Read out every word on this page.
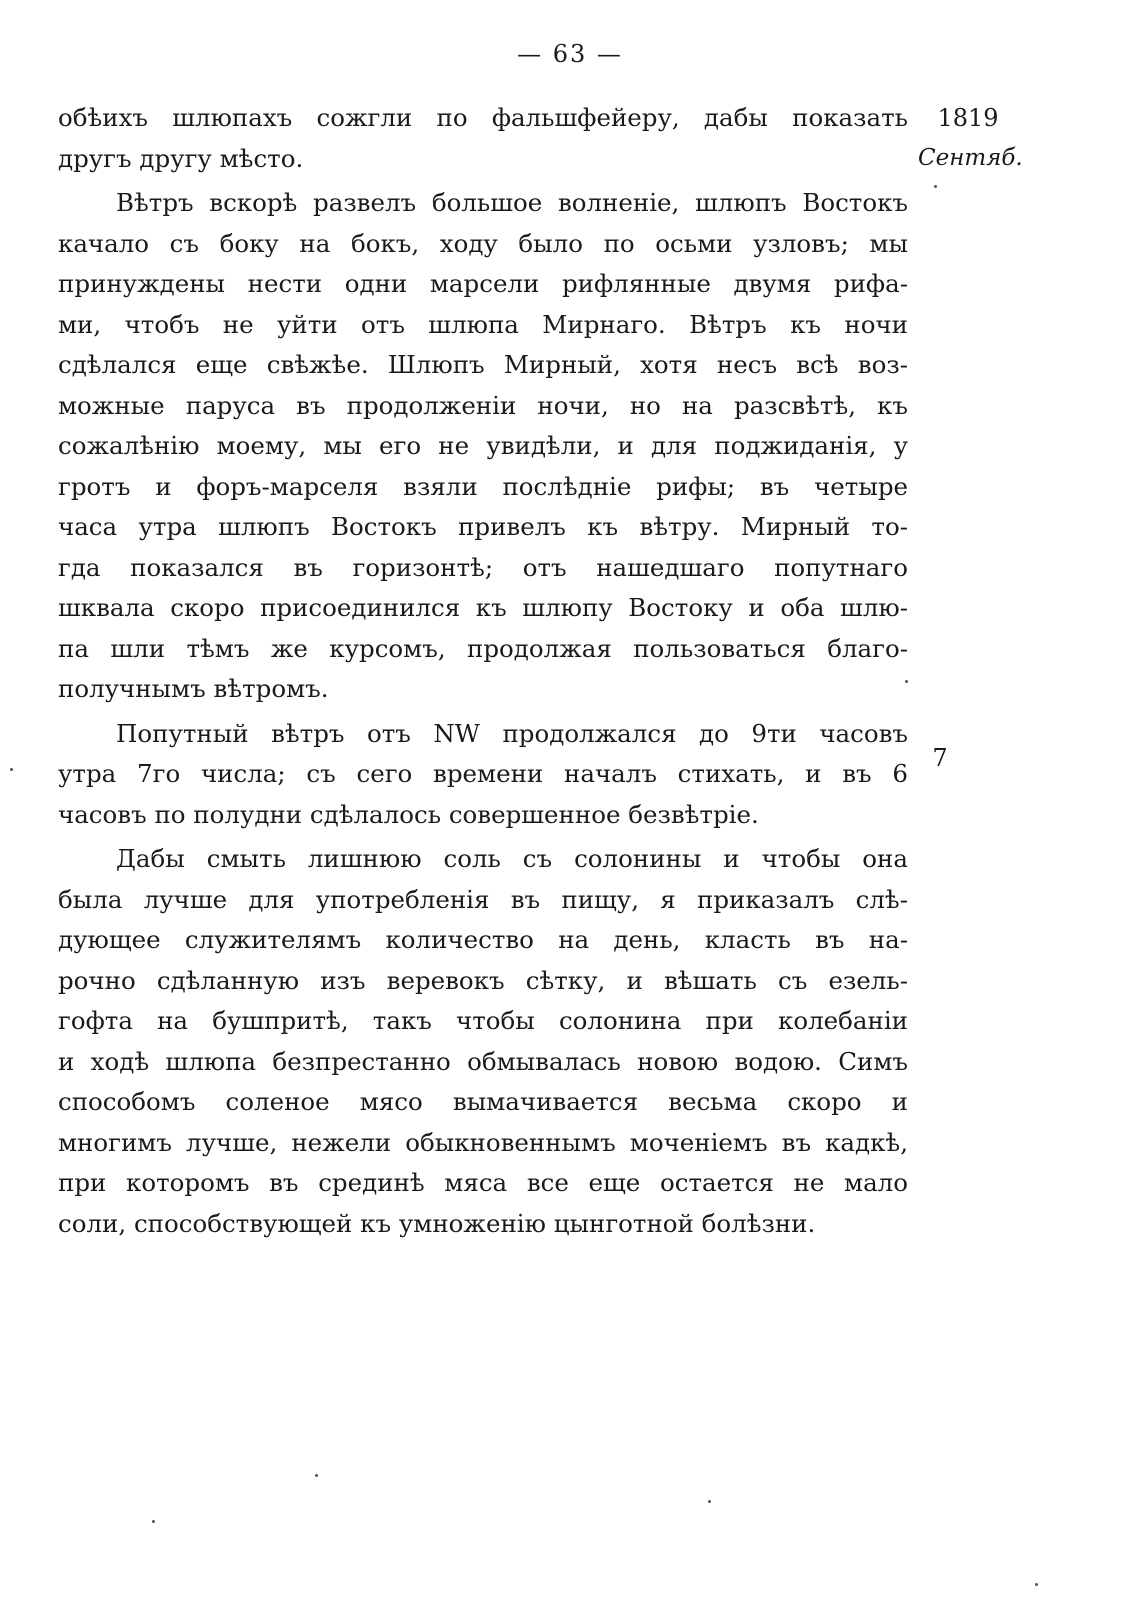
— 63 —
1819
Сентяб.
7

обѣихъ шлюпахъ сожгли по фальшфейеру, дабы показать
другъ другу мѣсто.

Вѣтръ вскорѣ развелъ большое волненіе, шлюпъ Востокъ
качало съ боку на бокъ, ходу было по осьми узловъ; мы
принуждены нести одни марсели рифлянные двумя рифа-
ми, чтобъ не уйти отъ шлюпа Мирнаго. Вѣтръ къ ночи
сдѣлался еще свѣжѣе. Шлюпъ Мирный, хотя несъ всѣ воз-
можные паруса въ продолженіи ночи, но на разсвѣтѣ, къ
сожалѣнію моему, мы его не увидѣли, и для поджиданія, у
гротъ и форъ-марселя взяли послѣдніе рифы; въ четыре
часа утра шлюпъ Востокъ привелъ къ вѣтру. Мирный то-
гда показался въ горизонтѣ; отъ нашедшаго попутнаго
шквала скоро присоединился къ шлюпу Востоку и оба шлю-
па шли тѣмъ же курсомъ, продолжая пользоваться благо-
получнымъ вѣтромъ.

Попутный вѣтръ отъ NW продолжался до 9ти часовъ
утра 7го числа; съ сего времени началъ стихать, и въ 6
часовъ по полудни сдѣлалось совершенное безвѣтріе.

Дабы смыть лишнюю соль съ солонины и чтобы она
была лучше для употребленія въ пищу, я приказалъ слѣ-
дующее служителямъ количество на день, класть въ на-
рочно сдѣланную изъ веревокъ сѣтку, и вѣшать съ езель-
гофта на бушпритѣ, такъ чтобы солонина при колебаніи
и ходѣ шлюпа безпрестанно обмывалась новою водою. Симъ
способомъ соленое мясо вымачивается весьма скоро и
многимъ лучше, нежели обыкновеннымъ моченіемъ въ кадкѣ,
при которомъ въ срединѣ мяса все еще остается не мало
соли, способствующей къ умноженію цынготной болѣзни.
